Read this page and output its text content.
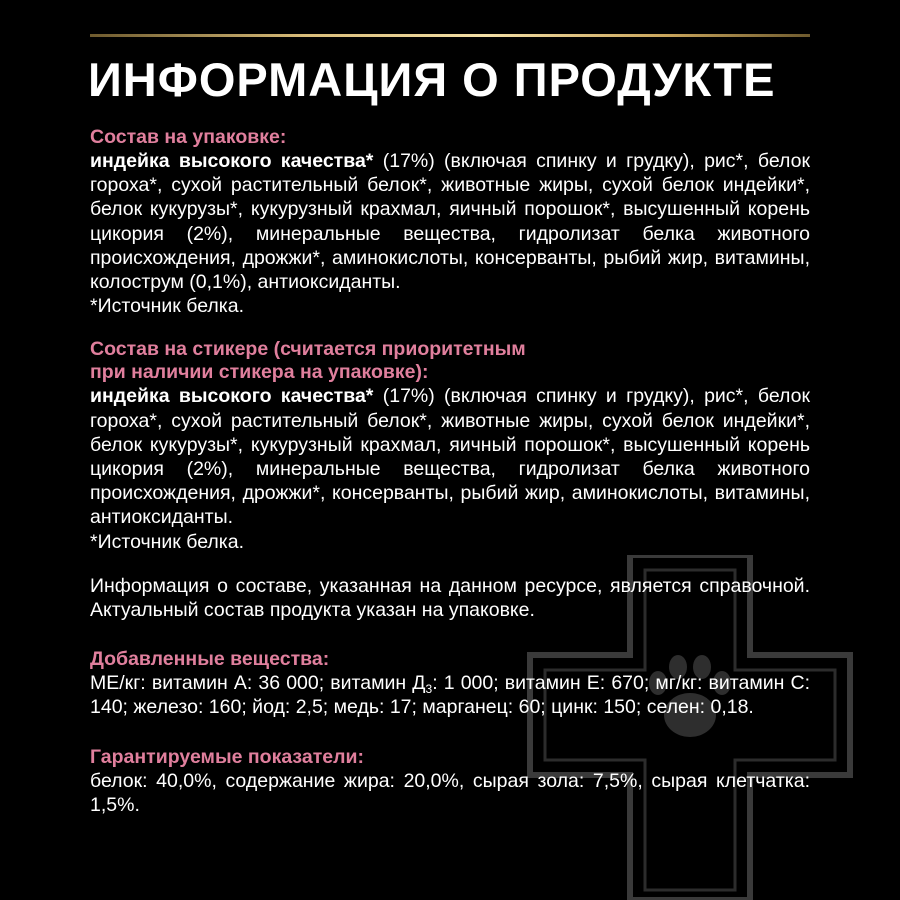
ИНФОРМАЦИЯ О ПРОДУКТЕ

Состав на упаковке:

индейка высокого качества* (17%) (включая спинку и грудку), рис*, белок гороха*, сухой растительный белок*, животные жиры, сухой белок индейки*, белок кукурузы*, кукурузный крахмал, яичный порошок*, высушенный корень цикория (2%), минеральные вещества, гидролизат белка животного происхождения, дрожжи*, аминокислоты, консерванты, рыбий жир, витамины, колострум (0,1%), антиоксиданты.

*Источник белка.

Состав на стикере (считается приоритетным
при наличии стикера на упаковке):

индейка высокого качества* (17%) (включая спинку и грудку), рис*, белок гороха*, сухой растительный белок*, животные жиры, сухой белок индейки*, белок кукурузы*, кукурузный крахмал, яичный порошок*, высушенный корень цикория (2%), минеральные вещества, гидролизат белка животного происхождения, дрожжи*, консерванты, рыбий жир, аминокислоты, витамины, антиоксиданты.

*Источник белка.

Информация о составе, указанная на данном ресурсе, является справочной. Актуальный состав продукта указан на упаковке.

Добавленные вещества:

МЕ/кг: витамин А: 36 000; витамин $Д_3$: 1 000; витамин Е: 670; мг/кг: витамин С: 140; железо: 160; йод: 2,5; медь: 17; марганец: 60; цинк: 150; селен: 0,18.

Гарантируемые показатели:

белок: 40,0%, содержание жира: 20,0%, сырая зола: 7,5%, сырая клетчатка: 1,5%.
